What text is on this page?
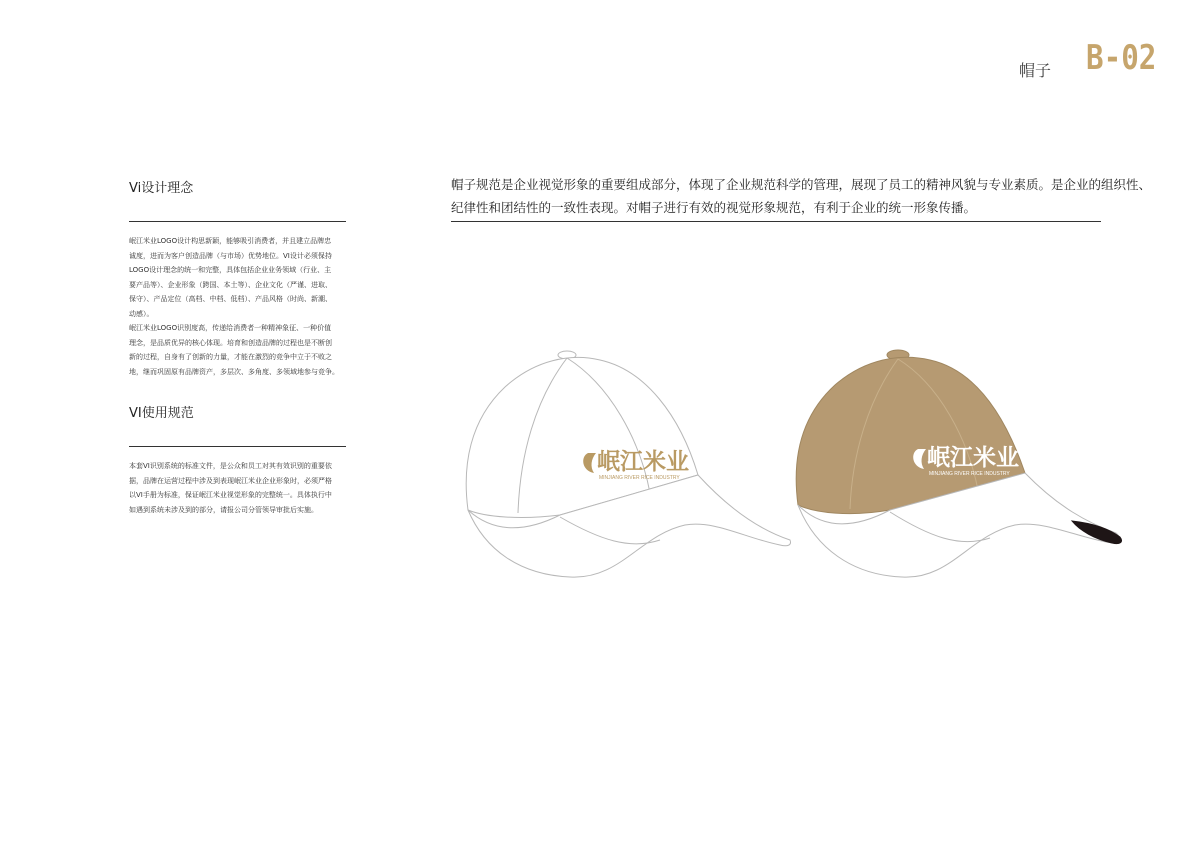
帽子 B-02
Vi设计理念

岷江米业LOGO设计构思新颖，能够吸引消费者，并且建立品牌忠

诚度，进而为客户创造品牌（与市场）优势地位。VI设计必须保持

LOGO设计理念的统一和完整，具体包括企业业务领域（行业、主

要产品等）、企业形象（跨国、本土等）、企业文化（严谨、进取、

保守）、产品定位（高档、中档、低档）、产品风格（时尚、新潮、

动感）。

岷江米业LOGO识别度高，传递给消费者一种精神象征、一种价值

理念，是品质优异的核心体现。培育和创造品牌的过程也是不断创

新的过程，自身有了创新的力量，才能在激烈的竞争中立于不败之

地，继而巩固原有品牌资产，多层次、多角度、多领域地参与竞争。

VI使用规范

本套VI识别系统的标准文件，是公众和员工对其有效识别的重要依

据，品牌在运营过程中涉及到表现岷江米业企业形象时，必须严格

以VI手册为标准，保证岷江米业视觉形象的完整统一。具体执行中

如遇到系统未涉及到的部分，请报公司分管领导审批后实施。

帽子规范是企业视觉形象的重要组成部分，体现了企业规范科学的管理，展现了员工的精神风貌与专业素质。是企业的组织性、

纪律性和团结性的一致性表现。对帽子进行有效的视觉形象规范，有利于企业的统一形象传播。

岷江米业
MINJIANG RIVER RICE INDUSTRY
岷江米业
MINJIANG RIVER RICE INDUSTRY
